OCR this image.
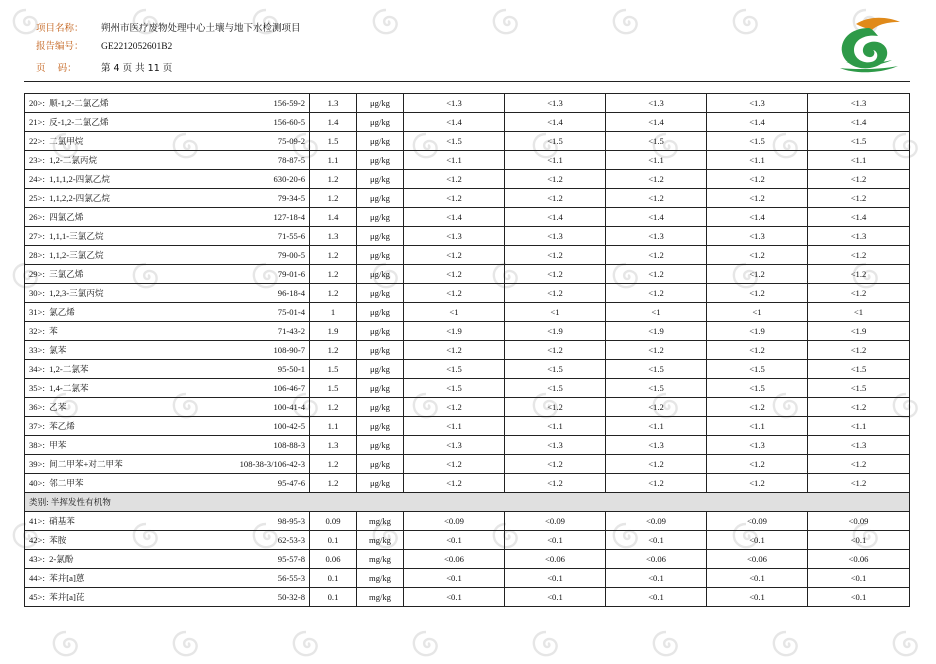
项目名称： 朔州市医疗废物处理中心土壤与地下水检测项目
报告编号： GE2212052601B2
页    码：	第 4 页 共 11 页
20>:  顺-1,2-二氯乙烯 156-59-2	1.3	μg/kg	<1.3	<1.3	<1.3	<1.3	<1.3
21>:  反-1,2-二氯乙烯 156-60-5	1.4	μg/kg	<1.4	<1.4	<1.4	<1.4	<1.4
22>:  二氯甲烷 75-09-2	1.5	μg/kg	<1.5	<1.5	<1.5	<1.5	<1.5
23>:  1,2-二氯丙烷 78-87-5	1.1	μg/kg	<1.1	<1.1	<1.1	<1.1	<1.1
24>:  1,1,1,2-四氯乙烷 630-20-6	1.2	μg/kg	<1.2	<1.2	<1.2	<1.2	<1.2
25>:  1,1,2,2-四氯乙烷 79-34-5	1.2	μg/kg	<1.2	<1.2	<1.2	<1.2	<1.2
26>:  四氯乙烯 127-18-4	1.4	μg/kg	<1.4	<1.4	<1.4	<1.4	<1.4
27>:  1,1,1-三氯乙烷 71-55-6	1.3	μg/kg	<1.3	<1.3	<1.3	<1.3	<1.3
28>:  1,1,2-三氯乙烷 79-00-5	1.2	μg/kg	<1.2	<1.2	<1.2	<1.2	<1.2
29>:  三氯乙烯 79-01-6	1.2	μg/kg	<1.2	<1.2	<1.2	<1.2	<1.2
30>:  1,2,3-三氯丙烷 96-18-4	1.2	μg/kg	<1.2	<1.2	<1.2	<1.2	<1.2
31>:  氯乙烯 75-01-4	1	μg/kg	<1	<1	<1	<1	<1
32>:  苯 71-43-2	1.9	μg/kg	<1.9	<1.9	<1.9	<1.9	<1.9
33>:  氯苯 108-90-7	1.2	μg/kg	<1.2	<1.2	<1.2	<1.2	<1.2
34>:  1,2-二氯苯 95-50-1	1.5	μg/kg	<1.5	<1.5	<1.5	<1.5	<1.5
35>:  1,4-二氯苯 106-46-7	1.5	μg/kg	<1.5	<1.5	<1.5	<1.5	<1.5
36>:  乙苯 100-41-4	1.2	μg/kg	<1.2	<1.2	<1.2	<1.2	<1.2
37>:  苯乙烯 100-42-5	1.1	μg/kg	<1.1	<1.1	<1.1	<1.1	<1.1
38>:  甲苯 108-88-3	1.3	μg/kg	<1.3	<1.3	<1.3	<1.3	<1.3
39>:  间二甲苯+对二甲苯 108-38-3/106-42-3	1.2	μg/kg	<1.2	<1.2	<1.2	<1.2	<1.2
40>:  邻二甲苯 95-47-6	1.2	μg/kg	<1.2	<1.2	<1.2	<1.2	<1.2
类别: 半挥发性有机物							
41>:  硝基苯 98-95-3	0.09	mg/kg	<0.09	<0.09	<0.09	<0.09	<0.09
42>:  苯胺 62-53-3	0.1	mg/kg	<0.1	<0.1	<0.1	<0.1	<0.1
43>:  2-氯酚 95-57-8	0.06	mg/kg	<0.06	<0.06	<0.06	<0.06	<0.06
44>:  苯并[a]蒽 56-55-3	0.1	mg/kg	<0.1	<0.1	<0.1	<0.1	<0.1
45>:  苯并[a]芘 50-32-8	0.1	mg/kg	<0.1	<0.1	<0.1	<0.1	<0.1
